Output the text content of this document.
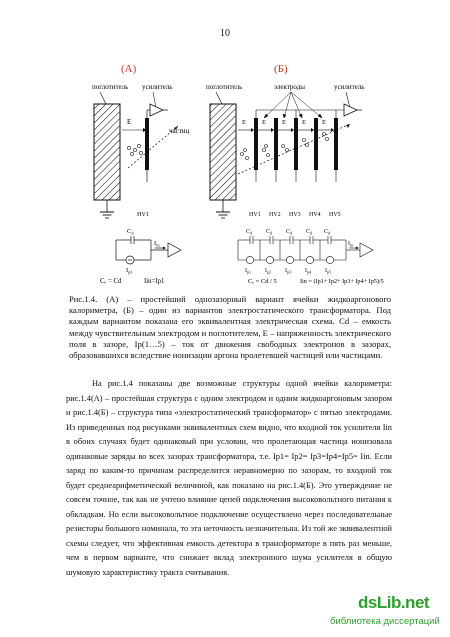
10
(А)
поглотитель усилитель
E
частиц
HV1
$C_d$
$I_{in}$
$I_{p1}$
Cₑ = Cd	Iin=Ip1
(Б)
поглотитель	электроды	усилитель
E E E E E
HV1 HV2 HV3 HV4 HV5
$C_d$ $C_d$ $C_d$ $C_d$ $C_d$
$I_{in}$
$I_{p1}$ $I_{p2}$ $I_{p3}$ $I_{p4}$ $I_{p5}$
Cₑ = Cd / 5	Iin = (Ip1+ Ip2+ Ip3+ Ip4+ Ip5)/5
Рис.1.4. (А) – простейший однозазорный вариант ячейки жидкоаргонового калориметра, (Б) – один из вариантов электростатического трансформатора. Под каждым вариантом показана его эквивалентная электрическая схема. Cd – емкость между чувствительным электродом и поглотителем, Е – напряженность электрического поля в зазоре, Ip(1…5) – ток от движения свободных электронов в зазорах, образовавшихся вследствие ионизации аргона пролетевшей частицей или частицами.

На рис.1.4 показаны две возможные структуры одной ячейки калориметра: рис.1.4(А) – простейшая структура с одним электродом и одним жидкоаргоновым зазором и рис.1.4(Б) – структура типа «электростатический трансформатор» с пятью электродами. Из приведенных под рисунками эквивалентных схем видно, что входной ток усилителя Iin в обоих случаях будет одинаковый при условии, что пролетающая частица ионизовала одинаковые заряды во всех зазорах трансформатора, т.е. Ip1= Ip2= Ip3=Ip4=Ip5= Iin. Если заряд по каким-то причинам распределится неравномерно по зазорам, то входной ток будет среднеарифметической величиной, как показано на рис.1.4(Б). Это утверждение не совсем точное, так как не учтено влияние цепей подключения высоковольтного питания к обкладкам. Но если высоковольтное подключение осуществлено через последовательные резисторы большого номинала, то эта неточность незначительна. Из той же эквивалентной схемы следует, что эффективная емкость детектора в трансформаторе в пять раз меньше, чем в первом варианте, что снижает вклад электронного шума усилителя в общую шумовую характеристику тракта считывания.

dsLib.net
библиотека диссертаций
